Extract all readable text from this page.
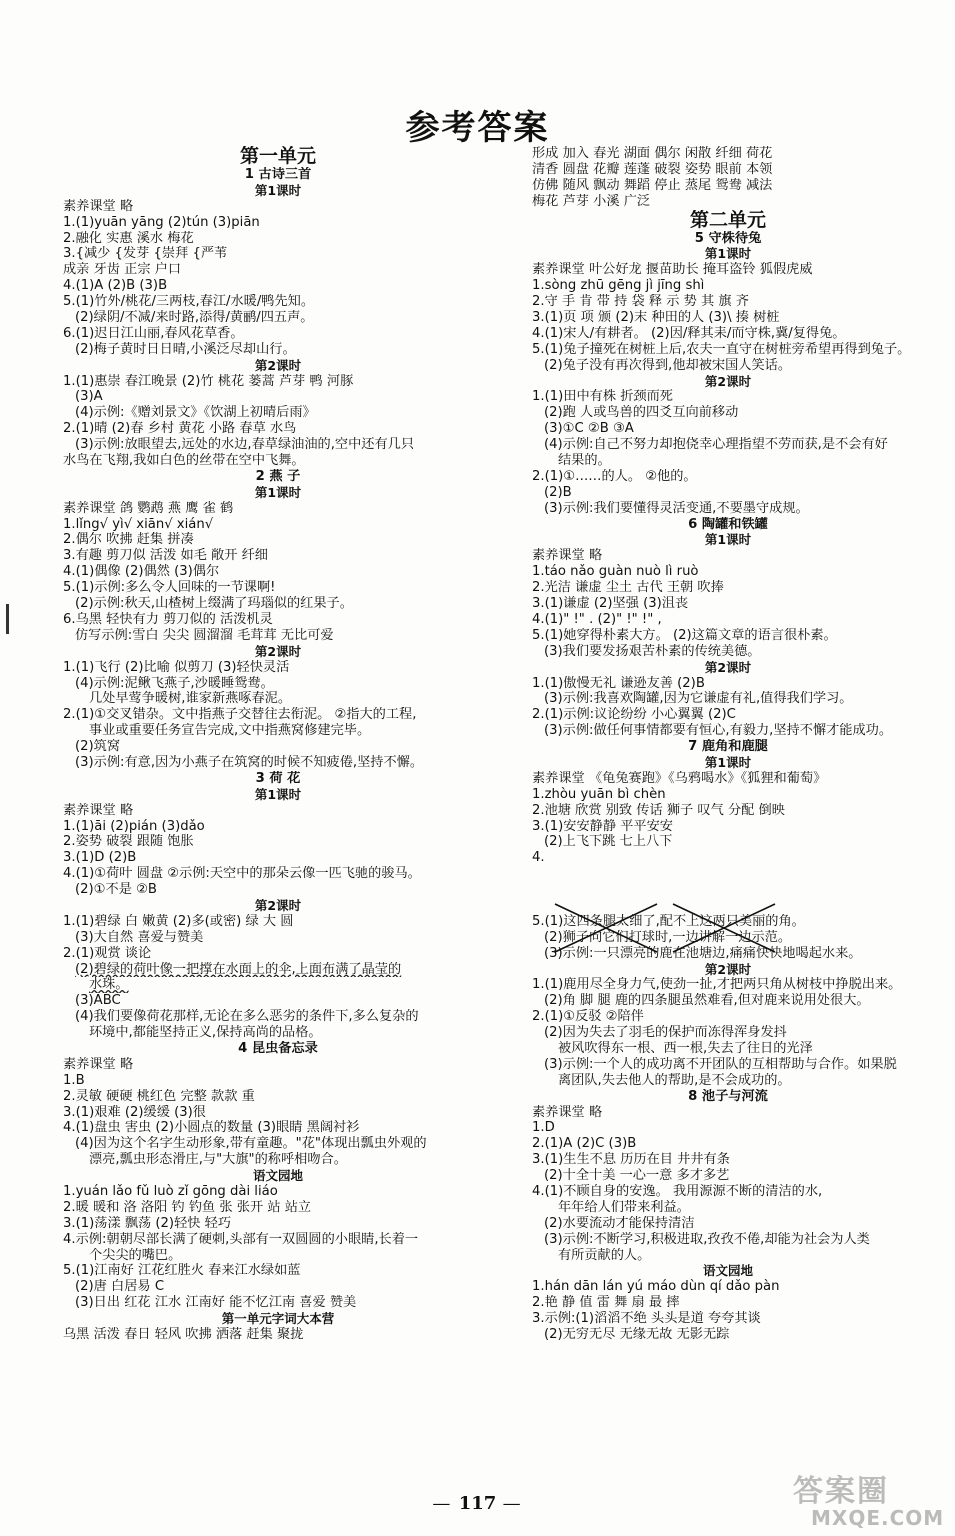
参考答案
第一单元
1 古诗三首
第1课时
素养课堂 略
1.(1)yuān yāng (2)tún (3)piān
2.融化 实惠 溪水 梅花
3.{减少 {发芽 {崇拜 {严苇
成亲 牙齿 正宗 户口
4.(1)A (2)B (3)B
5.(1)竹外/桃花/三两枝,春江/水暖/鸭先知。
(2)绿阴/不减/来时路,添得/黄鹂/四五声。
6.(1)迟日江山丽,春风花草香。
(2)梅子黄时日日晴,小溪泛尽却山行。
第2课时
1.(1)惠崇 春江晚景 (2)竹 桃花 蒌蒿 芦芽 鸭 河豚
(3)A
(4)示例:《赠刘景文》《饮湖上初晴后雨》
2.(1)晴 (2)春 乡村 黄花 小路 春草 水鸟
(3)示例:放眼望去,远处的水边,春草绿油油的,空中还有几只
水鸟在飞翔,我如白色的丝带在空中飞舞。
2 燕 子
第1课时
素养课堂 鸽 鹦鹉 燕 鹰 雀 鹤
1.lǐng√ yì√ xiān√ xián√
2.偶尔 吹拂 赶集 拼凑
3.有趣 剪刀似 活泼 如毛 敞开 纤细
4.(1)偶像 (2)偶然 (3)偶尔
5.(1)示例:多么令人回味的一节课啊!
(2)示例:秋天,山楂树上缀满了玛瑙似的红果子。
6.乌黑 轻快有力 剪刀似的 活泼机灵
仿写示例:雪白 尖尖 圆溜溜 毛茸茸 无比可爱
第2课时
1.(1)飞行 (2)比喻 似剪刀 (3)轻快灵活
(4)示例:泥鳅飞燕子,沙暖睡鸳鸯。
几处早莺争暖树,谁家新燕啄春泥。
2.(1)①交叉错杂。文中指燕子交替往去衔泥。 ②指大的工程,
事业或重要任务宣告完成,文中指燕窝修建完毕。
(2)筑窝
(3)示例:有意,因为小燕子在筑窝的时候不知疲倦,坚持不懈。
3 荷 花
第1课时
素养课堂 略
1.(1)āi (2)pián (3)dǎo
2.姿势 破裂 跟随 饱胀
3.(1)D (2)B
4.(1)①荷叶 圆盘 ②示例:天空中的那朵云像一匹飞驰的骏马。
(2)①不是 ②B
第2课时
1.(1)碧绿 白 嫩黄 (2)多(或密) 绿 大 圆
(3)大自然 喜爱与赞美
2.(1)观赏 谈论
(2)碧绿的荷叶像一把撑在水面上的伞,上面布满了晶莹的
水珠。
(3)ABC
(4)我们要像荷花那样,无论在多么恶劣的条件下,多么复杂的
环境中,都能坚持正义,保持高尚的品格。
4 昆虫备忘录
素养课堂 略
1.B
2.灵敏 硬硬 桃红色 完整 款款 重
3.(1)艰难 (2)缓缓 (3)很
4.(1)盘虫 害虫 (2)小圆点的数量 (3)眼睛 黑阔衬衫
(4)因为这个名字生动形象,带有童趣。"花"体现出瓢虫外观的
漂亮,瓢虫形态滑庄,与"大旗"的称呼相吻合。
语文园地
1.yuán lǎo fǔ luò zǐ gōng dài liáo
2.暖 暖和 洛 洛阳 钓 钓鱼 张 张开 站 站立
3.(1)荡漾 飘荡 (2)轻快 轻巧
4.示例:朝朝尽部长满了硬刺,头部有一双圆圆的小眼睛,长着一
个尖尖的嘴巴。
5.(1)江南好 江花红胜火 春来江水绿如蓝
(2)唐 白居易 C
(3)日出 红花 江水 江南好 能不忆江南 喜爱 赞美
第一单元字词大本营
乌黑 活泼 春日 轻风 吹拂 洒落 赶集 聚拢
形成 加入 春光 湖面 偶尔 闲散 纤细 荷花
清香 圆盘 花瓣 莲蓬 破裂 姿势 眼前 本领
仿佛 随风 飘动 舞蹈 停止 蒸尾 鸳鸯 减法
梅花 芦芽 小溪 广泛
第二单元
5 守株待兔
第1课时
素养课堂 叶公好龙 揠苗助长 掩耳盗铃 狐假虎威
1.sòng zhū gēng jì jīng shì
2.守 手 肯 带 持 袋 释 示 势 其 旗 齐
3.(1)页 项 颁 (2)末 种田的人 (3)\ 揍 树桩
4.(1)宋人/有耕者。 (2)因/释其耒/而守株,冀/复得兔。
5.(1)兔子撞死在树桩上后,农夫一直守在树桩旁希望再得到兔子。
(2)兔子没有再次得到,他却被宋国人笑话。
第2课时
1.(1)田中有株 折颈而死
(2)跑 人或鸟兽的四爻互向前移动
(3)①C ②B ③A
(4)示例:自己不努力却抱侥幸心理指望不劳而获,是不会有好
结果的。
2.(1)①……的人。 ②他的。
(2)B
(3)示例:我们要懂得灵活变通,不要墨守成规。
6 陶罐和铁罐
第1课时
素养课堂 略
1.táo nǎo guàn nuò lì ruò
2.光洁 谦虚 尘土 古代 王朝 吹捧
3.(1)谦虚 (2)坚强 (3)沮丧
4.(1)" !" . (2)" !" !" ,
5.(1)她穿得朴素大方。 (2)这篇文章的语言很朴素。
(3)我们要发扬艰苦朴素的传统美德。
第2课时
1.(1)傲慢无礼 谦逊友善 (2)B
(3)示例:我喜欢陶罐,因为它谦虚有礼,值得我们学习。
2.(1)示例:议论纷纷 小心翼翼 (2)C
(3)示例:做任何事情都要有恒心,有毅力,坚持不懈才能成功。
7 鹿角和鹿腿
第1课时
素养课堂 《龟兔赛跑》《乌鸦喝水》《狐狸和葡萄》
1.zhòu yuān bì chèn
2.池塘 欣赏 别致 传话 狮子 叹气 分配 倒映
3.(1)安安静静 平平安安
(2)上飞下跳 七上八下
4.
5.(1)这四条腿太细了,配不上这两只美丽的角。
(2)狮子向它们打球时,一边讲解一边示范。
(3)示例:一只漂亮的鹿在池塘边,痛痛快快地喝起水来。
第2课时
1.(1)鹿用尽全身力气,使劲一扯,才把两只角从树枝中挣脱出来。
(2)角 脚 腿 鹿的四条腿虽然难看,但对鹿来说用处很大。
2.(1)①反驳 ②陪伴
(2)因为失去了羽毛的保护而冻得浑身发抖
被风吹得东一根、西一根,失去了往日的光泽
(3)示例:一个人的成功离不开团队的互相帮助与合作。如果脱
离团队,失去他人的帮助,是不会成功的。
8 池子与河流
素养课堂 略
1.D
2.(1)A (2)C (3)B
3.(1)生生不息 历历在目 井井有条
(2)十全十美 一心一意 多才多艺
4.(1)不顾自身的安逸。 我用源源不断的清洁的水,
年年给人们带来利益。
(2)水要流动才能保持清洁
(3)示例:不断学习,积极进取,孜孜不倦,却能为社会为人类
有所贡献的人。
语文园地
1.hán dān lán yú máo dùn qí dǎo pàn
2.艳 静 值 雷 舞 扇 最 摔
3.示例:(1)滔滔不绝 头头是道 夸夸其谈
(2)无穷无尽 无缘无故 无影无踪
— 117 —	答案圈
MXQE.COM
